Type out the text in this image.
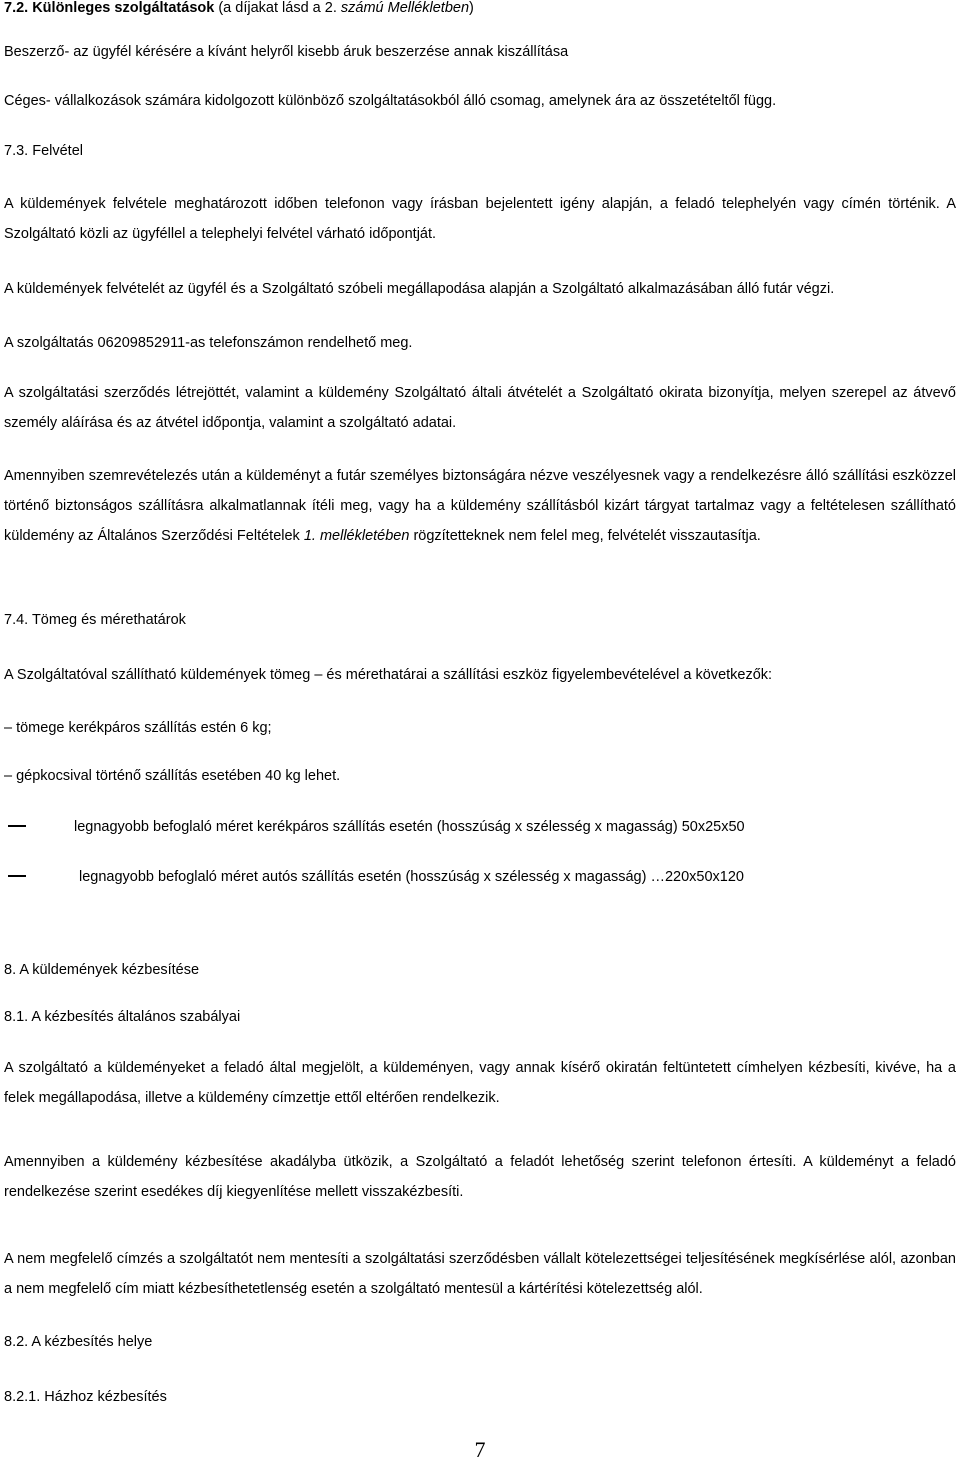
7.2. Különleges szolgáltatások (a díjakat lásd a 2. számú Mellékletben)
Beszerző- az ügyfél kérésére a kívánt helyről kisebb áruk beszerzése annak kiszállítása
Céges- vállalkozások számára kidolgozott különböző szolgáltatásokból álló csomag, amelynek ára az összetételtől függ.
7.3. Felvétel

A küldemények felvétele meghatározott időben telefonon vagy írásban bejelentett igény alapján, a feladó telephelyén vagy címén történik. A Szolgáltató közli az ügyféllel a telephelyi felvétel várható időpontját.

A küldemények felvételét az ügyfél és a Szolgáltató szóbeli megállapodása alapján a Szolgáltató alkalmazásában álló futár végzi.
A szolgáltatás 06209852911-as telefonszámon rendelhető meg.

A szolgáltatási szerződés létrejöttét, valamint a küldemény Szolgáltató általi átvételét a Szolgáltató okirata bizonyítja, melyen szerepel az átvevő személy aláírása és az átvétel időpontja, valamint a szolgáltató adatai.

Amennyiben szemrevételezés után a küldeményt a futár személyes biztonságára nézve veszélyesnek vagy a rendelkezésre álló szállítási eszközzel történő biztonságos szállításra alkalmatlannak ítéli meg, vagy ha a küldemény szállításból kizárt tárgyat tartalmaz vagy a feltételesen szállítható küldemény az Általános Szerződési Feltételek 1. mellékletében rögzítetteknek nem felel meg, felvételét visszautasítja.

7.4. Tömeg és mérethatárok
A Szolgáltatóval szállítható küldemények tömeg – és mérethatárai a szállítási eszköz figyelembevételével a következők:
– tömege kerékpáros szállítás estén 6 kg;
– gépkocsival történő szállítás esetében 40 kg lehet.
legnagyobb befoglaló méret kerékpáros szállítás esetén (hosszúság x szélesség x magasság) 50x25x50
legnagyobb befoglaló méret autós szállítás esetén (hosszúság x szélesség x magasság) …220x50x120
8. A küldemények kézbesítése
8.1. A kézbesítés általános szabályai

A szolgáltató a küldeményeket a feladó által megjelölt, a küldeményen, vagy annak kísérő okiratán feltüntetett címhelyen kézbesíti, kivéve, ha a felek megállapodása, illetve a küldemény címzettje ettől eltérően rendelkezik.

Amennyiben a küldemény kézbesítése akadályba ütközik, a Szolgáltató a feladót lehetőség szerint telefonon értesíti. A küldeményt a feladó rendelkezése szerint esedékes díj kiegyenlítése mellett visszakézbesíti.

A nem megfelelő címzés a szolgáltatót nem mentesíti a szolgáltatási szerződésben vállalt kötelezettségei teljesítésének megkísérlése alól, azonban a nem megfelelő cím miatt kézbesíthetetlenség esetén a szolgáltató mentesül a kártérítési kötelezettség alól.

8.2. A kézbesítés helye
8.2.1. Házhoz kézbesítés
7
